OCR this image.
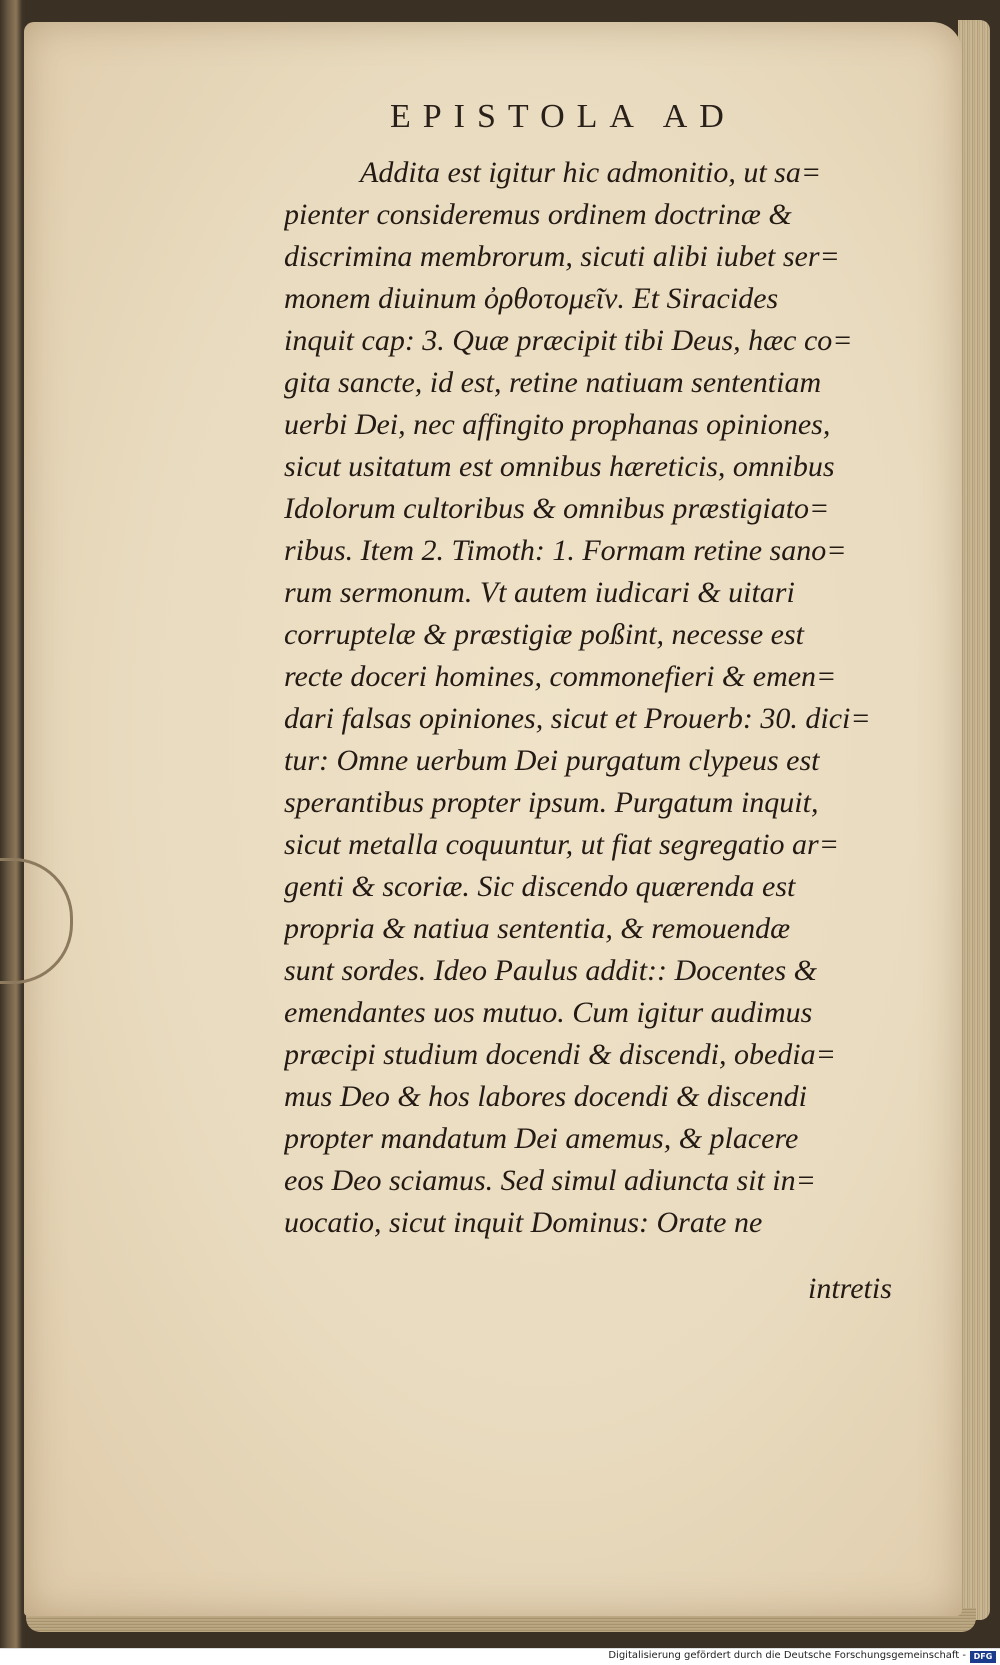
EPISTOLA AD
Addita est igitur hic admonitio, ut sa=
pienter consideremus ordinem doctrinæ &
discrimina membrorum, sicuti alibi iubet ser=
monem diuinum ὀρθοτομεῖν. Et Siracides
inquit cap: 3. Quæ præcipit tibi Deus, hæc co=
gita sancte, id est, retine natiuam sententiam
uerbi Dei, nec affingito prophanas opiniones,
sicut usitatum est omnibus hæreticis, omnibus
Idolorum cultoribus & omnibus præstigiato=
ribus. Item 2. Timoth: 1. Formam retine sano=
rum sermonum. Vt autem iudicari & uitari
corruptelæ & præstigiæ poßint, necesse est
recte doceri homines, commonefieri & emen=
dari falsas opiniones, sicut et Prouerb: 30. dici=
tur: Omne uerbum Dei purgatum clypeus est
sperantibus propter ipsum. Purgatum inquit,
sicut metalla coquuntur, ut fiat segregatio ar=
genti & scoriæ. Sic discendo quærenda est
propria & natiua sententia, & remouendæ
sunt sordes. Ideo Paulus addit:: Docentes &
emendantes uos mutuo. Cum igitur audimus
præcipi studium docendi & discendi, obedia=
mus Deo & hos labores docendi & discendi
propter mandatum Dei amemus, & placere
eos Deo sciamus. Sed simul adiuncta sit in=
uocatio, sicut inquit Dominus: Orate ne
intretis
Digitalisierung gefördert durch die Deutsche Forschungsgemeinschaft - DFG
